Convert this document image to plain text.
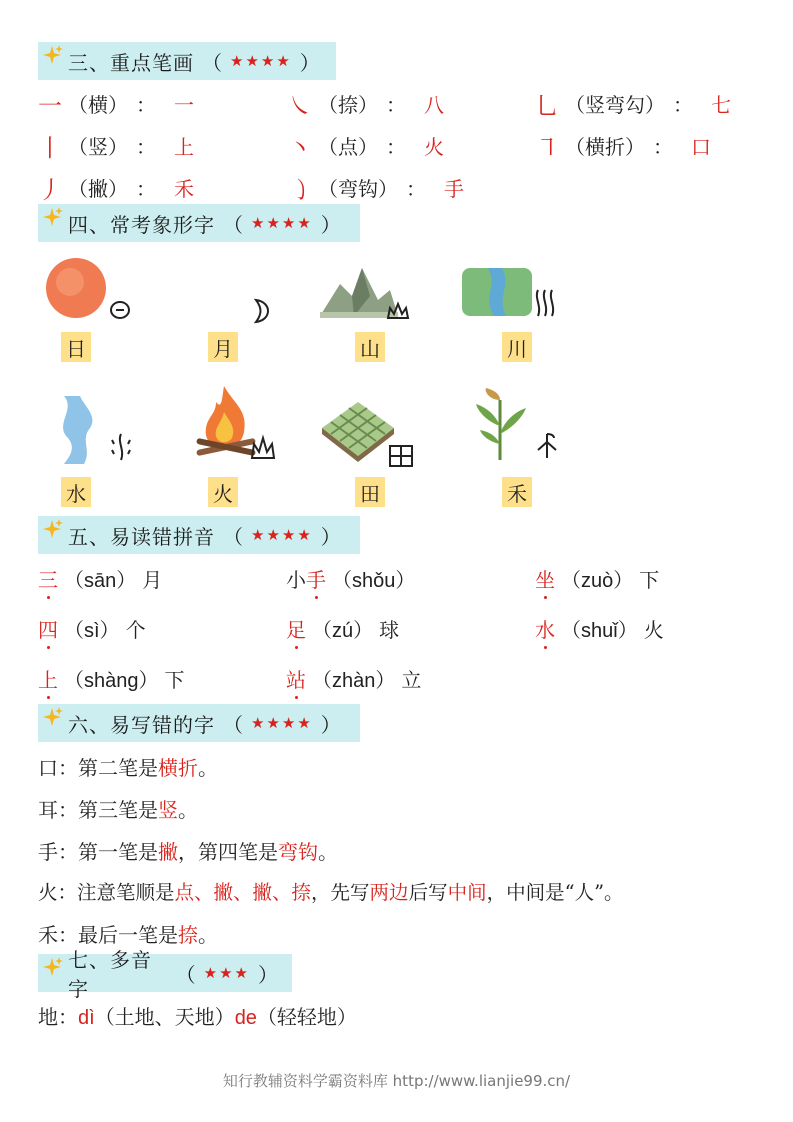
三、重点笔画 （ ★★★★ ）
一 （横） ： 一	㇏ （捺） ： 八	乚 （竖弯勾） ： 七
丨 （竖） ： 上	丶 （点） ： 火	㇕ （横折） ： 口
丿 （撇） ： 禾	㇁ （弯钩） ： 手
四、常考象形字 （ ★★★★ ）
日	月	山	川
水	火	田	禾
五、易读错拼音 （ ★★★★ ）
三 （sān） 月	小 手 （shǒu）	坐 （zuò） 下
四 （sì） 个	足 （zú） 球	水 （shuǐ） 火
上 （shàng） 下	站 （zhàn） 立
六、易写错的字 （ ★★★★ ）
口：第二笔是横折。
耳：第三笔是竖。
手：第一笔是撇，第四笔是弯钩。
火：注意笔顺是点、撇、撇、捺，先写两边后写中间，中间是“人”。
禾：最后一笔是捺。
七、多音字
（ ★★★ ）
地：dì（土地、天地）de（轻轻地）
知行教辅资料学霸资料库 http://www.lianjie99.cn/
